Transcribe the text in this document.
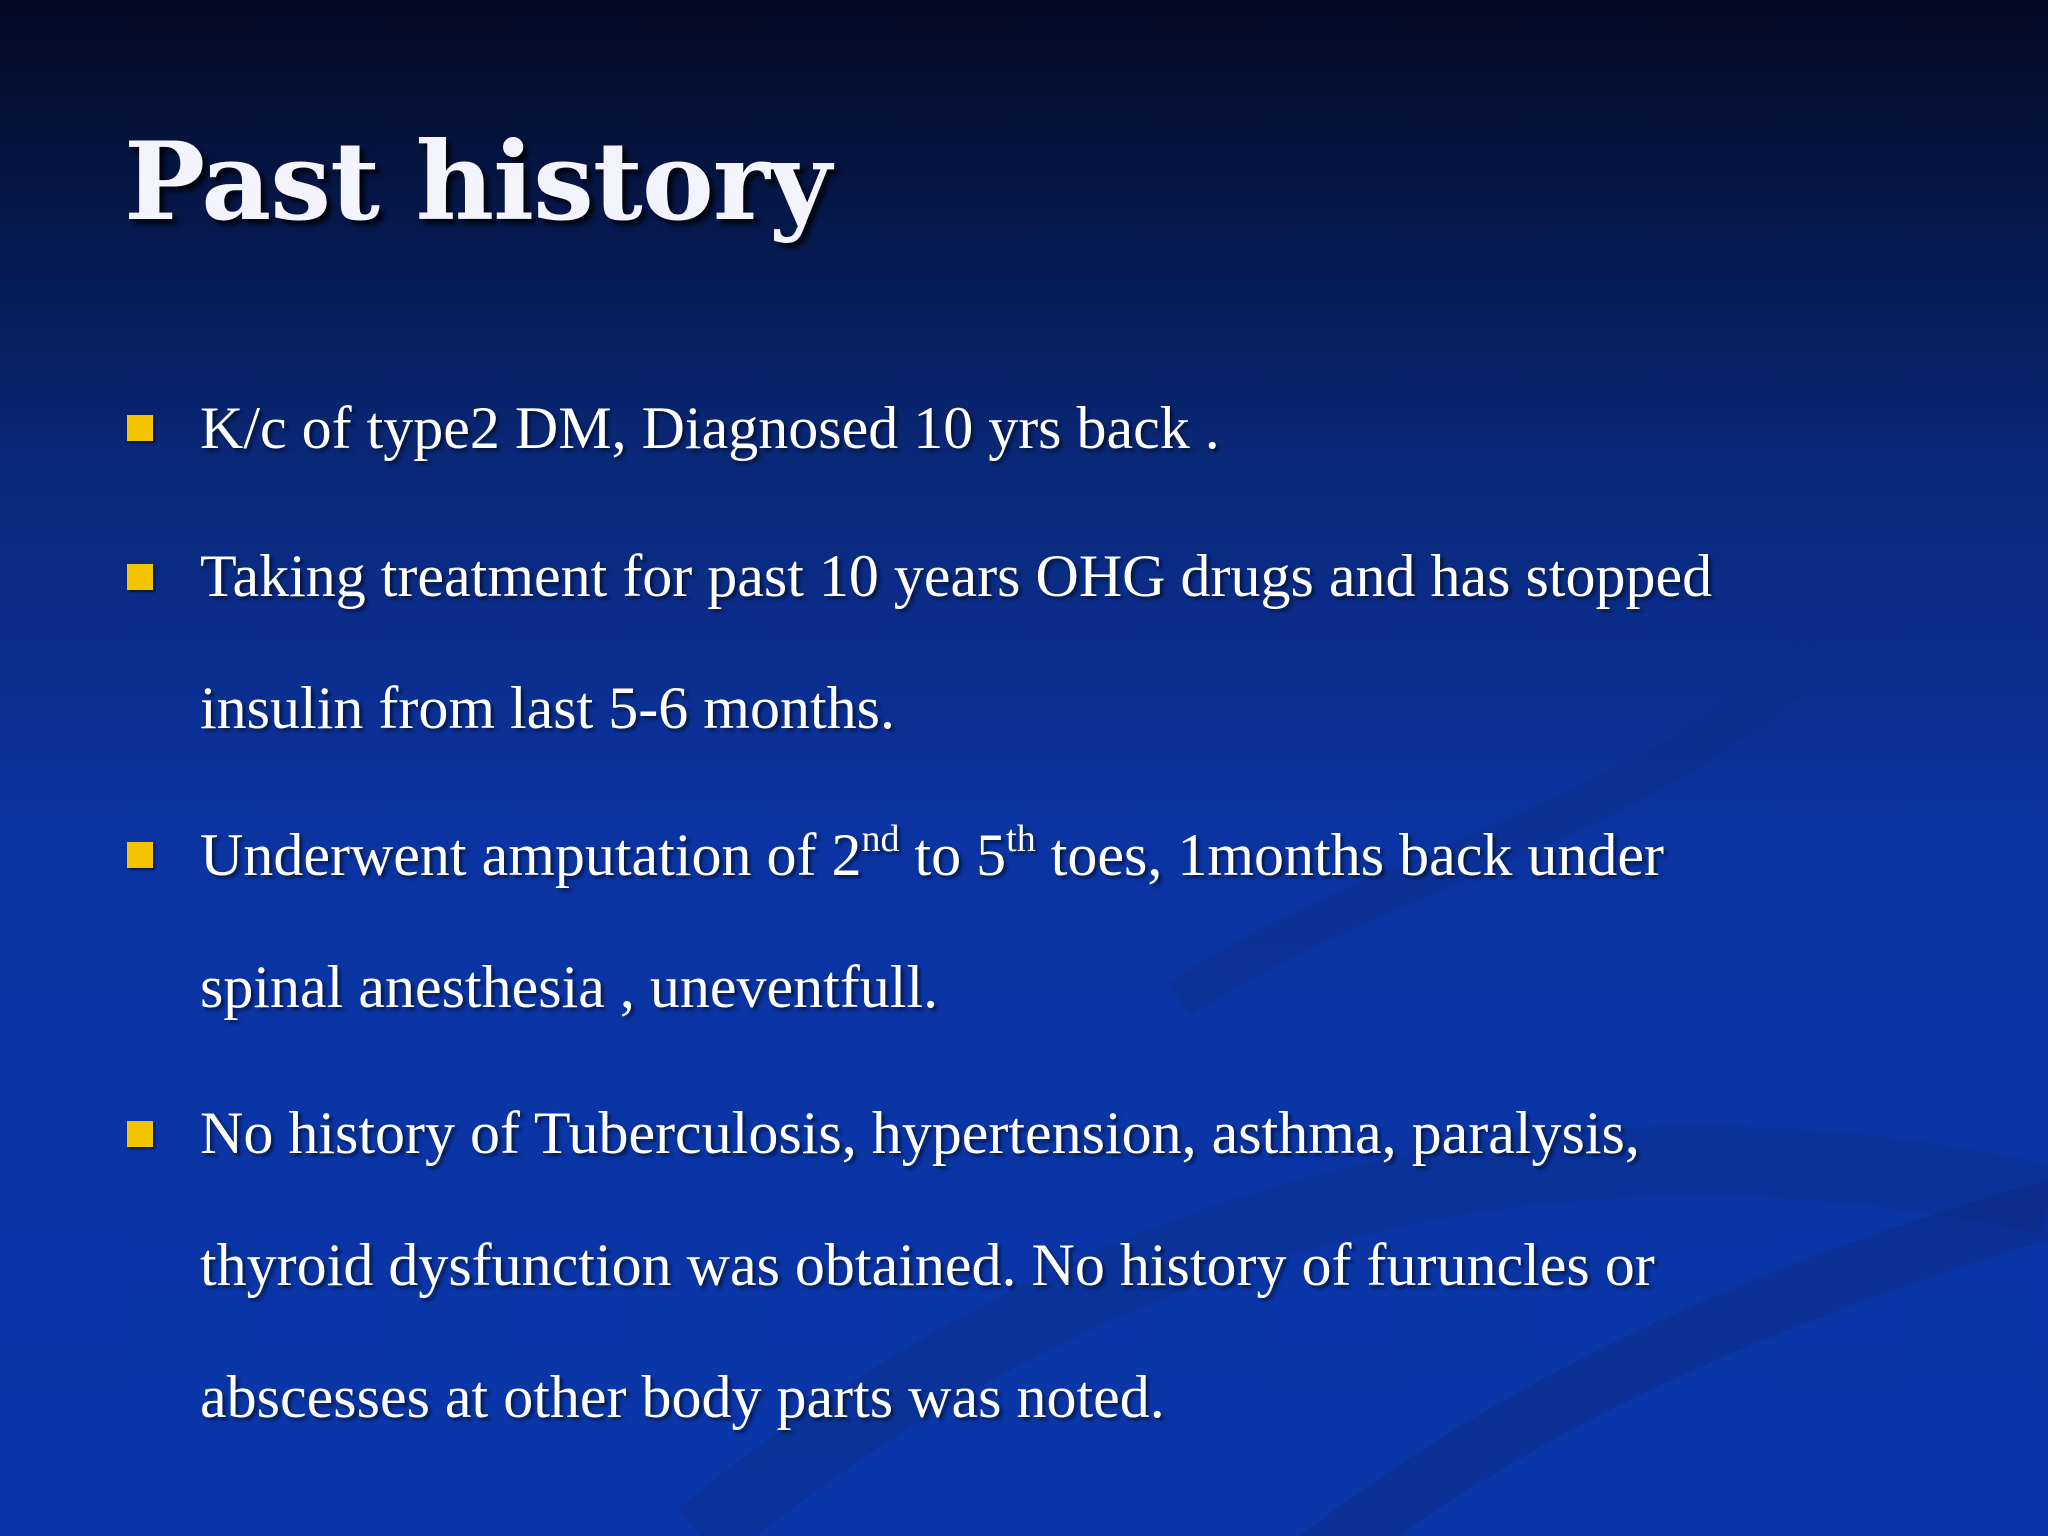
Past history

K/c of type2 DM, Diagnosed 10 yrs back .

Taking treatment for past 10 years OHG drugs and has stopped
insulin from last 5-6 months.

Underwent amputation of 2nd to 5th toes, 1months back under
spinal anesthesia , uneventfull.

No history of Tuberculosis, hypertension, asthma, paralysis,
thyroid dysfunction was obtained. No history of furuncles or
abscesses at other body parts was noted.
